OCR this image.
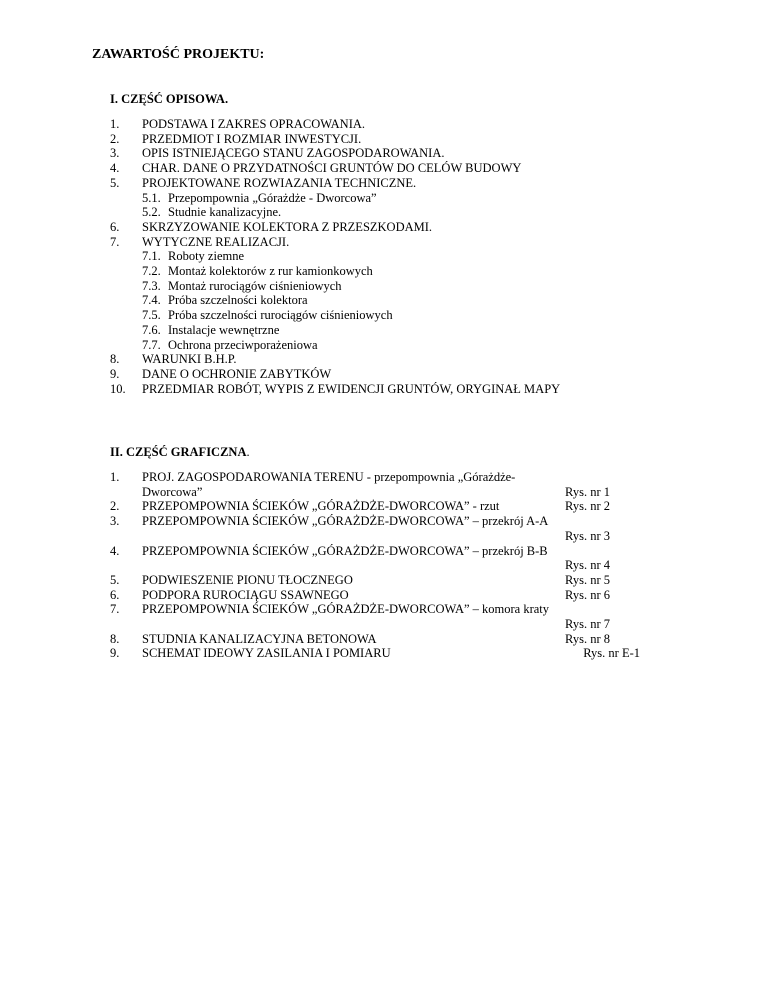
ZAWARTOŚĆ PROJEKTU:
I. CZĘŚĆ OPISOWA.
1.	PODSTAWA I ZAKRES OPRACOWANIA.
2.	PRZEDMIOT I ROZMIAR INWESTYCJI.
3.	OPIS ISTNIEJĄCEGO STANU ZAGOSPODAROWANIA.
4.	CHAR. DANE O PRZYDATNOŚCI GRUNTÓW DO CELÓW BUDOWY
5.	PROJEKTOWANE ROZWIAZANIA TECHNICZNE.
5.1. Przepompownia „Górażdże - Dworcowa”
5.2. Studnie kanalizacyjne.
6.	SKRZYZOWANIE KOLEKTORA Z PRZESZKODAMI.
7.	WYTYCZNE REALIZACJI.
7.1. Roboty ziemne
7.2. Montaż kolektorów z rur kamionkowych
7.3. Montaż rurociągów ciśnieniowych
7.4. Próba szczelności kolektora
7.5. Próba szczelności rurociągów ciśnieniowych
7.6. Instalacje wewnętrzne
7.7. Ochrona przeciwporażeniowa
8.	WARUNKI B.H.P.
9.	DANE O OCHRONIE ZABYTKÓW
10.	PRZEDMIAR ROBÓT, WYPIS Z EWIDENCJI GRUNTÓW, ORYGINAŁ MAPY
II. CZĘŚĆ GRAFICZNA.
1.	PROJ. ZAGOSPODAROWANIA TERENU - przepompownia „Górażdże-
Dworcowa”	Rys. nr 1
2.	PRZEPOMPOWNIA ŚCIEKÓW „GÓRAŻDŻE-DWORCOWA” - rzut	Rys. nr 2
3.	PRZEPOMPOWNIA ŚCIEKÓW „GÓRAŻDŻE-DWORCOWA” – przekrój A-A
Rys. nr 3
4.	PRZEPOMPOWNIA ŚCIEKÓW „GÓRAŻDŻE-DWORCOWA” – przekrój B-B
Rys. nr 4
5.	PODWIESZENIE PIONU TŁOCZNEGO	Rys. nr 5
6.	PODPORA RUROCIĄGU SSAWNEGO	Rys. nr 6
7.	PRZEPOMPOWNIA ŚCIEKÓW „GÓRAŻDŻE-DWORCOWA” – komora kraty
Rys. nr 7
8.	STUDNIA KANALIZACYJNA BETONOWA	Rys. nr 8
9.	SCHEMAT IDEOWY ZASILANIA I POMIARU	Rys. nr E-1
